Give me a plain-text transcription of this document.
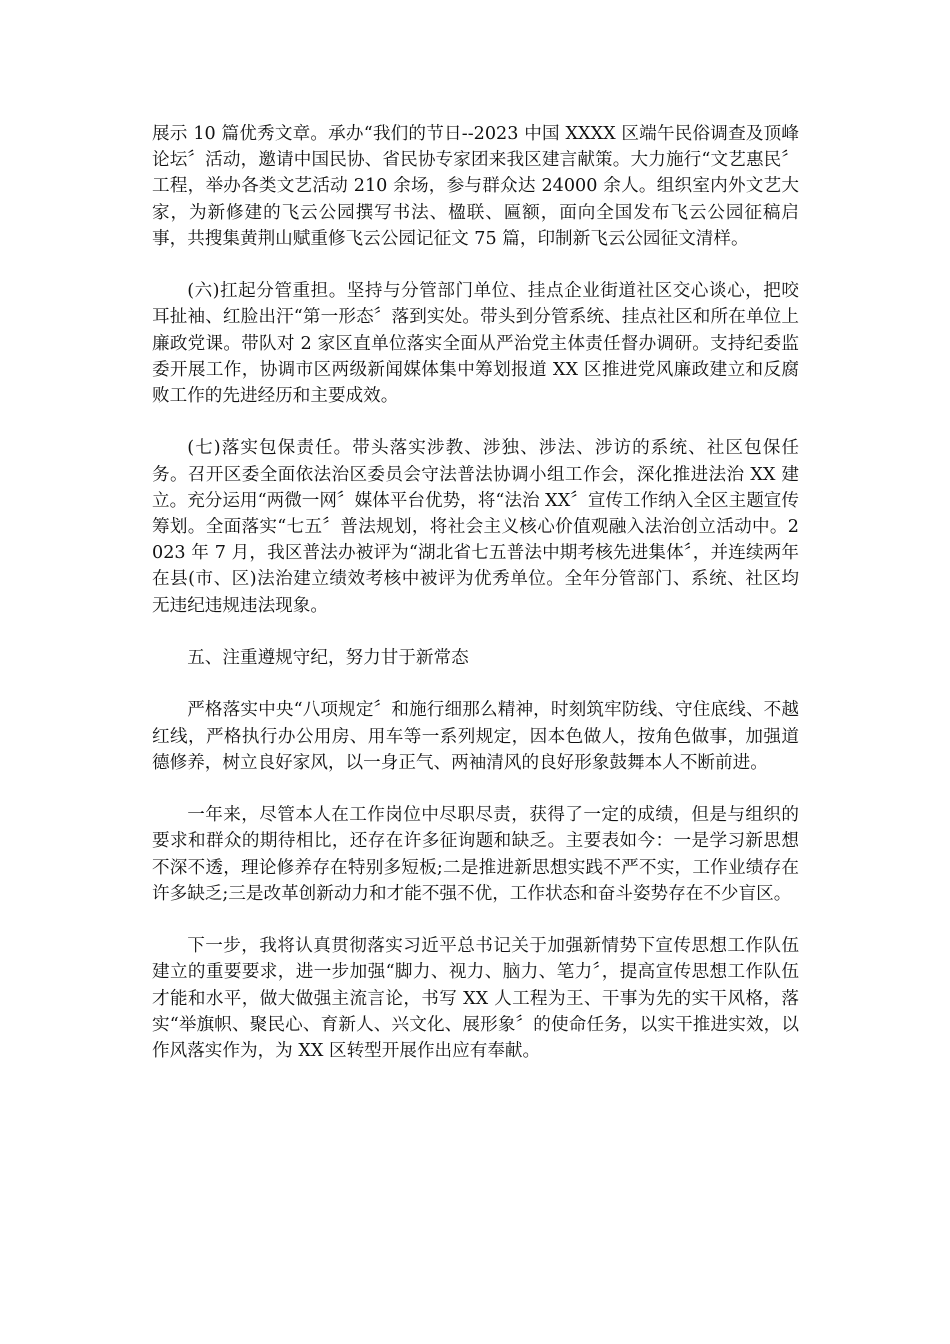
展示 10 篇优秀文章。承办“我们的节日--2023 中国 XXXX 区端午民俗调查及顶峰论坛〞活动，邀请中国民协、省民协专家团来我区建言献策。大力施行“文艺惠民〞工程，举办各类文艺活动 210 余场，参与群众达 24000 余人。组织室内外文艺大家，为新修建的飞云公园撰写书法、楹联、匾额，面向全国发布飞云公园征稿启事，共搜集黄荆山赋重修飞云公园记征文 75 篇，印制新飞云公园征文清样。

(六)扛起分管重担。坚持与分管部门单位、挂点企业街道社区交心谈心，把咬耳扯袖、红脸出汗“第一形态〞落到实处。带头到分管系统、挂点社区和所在单位上廉政党课。带队对 2 家区直单位落实全面从严治党主体责任督办调研。支持纪委监委开展工作，协调市区两级新闻媒体集中筹划报道 XX 区推进党风廉政建立和反腐败工作的先进经历和主要成效。

(七)落实包保责任。带头落实涉教、涉独、涉法、涉访的系统、社区包保任务。召开区委全面依法治区委员会守法普法协调小组工作会，深化推进法治 XX 建立。充分运用“两微一网〞媒体平台优势，将“法治 XX〞宣传工作纳入全区主题宣传筹划。全面落实“七五〞普法规划，将社会主义核心价值观融入法治创立活动中。2023 年 7 月，我区普法办被评为“湖北省七五普法中期考核先进集体〞，并连续两年在县(市、区)法治建立绩效考核中被评为优秀单位。全年分管部门、系统、社区均无违纪违规违法现象。

五、注重遵规守纪，努力甘于新常态

严格落实中央“八项规定〞和施行细那么精神，时刻筑牢防线、守住底线、不越红线，严格执行办公用房、用车等一系列规定，因本色做人，按角色做事，加强道德修养，树立良好家风，以一身正气、两袖清风的良好形象鼓舞本人不断前进。

一年来，尽管本人在工作岗位中尽职尽责，获得了一定的成绩，但是与组织的要求和群众的期待相比，还存在许多征询题和缺乏。主要表如今：一是学习新思想不深不透，理论修养存在特别多短板;二是推进新思想实践不严不实，工作业绩存在许多缺乏;三是改革创新动力和才能不强不优，工作状态和奋斗姿势存在不少盲区。

下一步，我将认真贯彻落实习近平总书记关于加强新情势下宣传思想工作队伍建立的重要要求，进一步加强“脚力、视力、脑力、笔力〞，提高宣传思想工作队伍才能和水平，做大做强主流言论，书写 XX 人工程为王、干事为先的实干风格，落实“举旗帜、聚民心、育新人、兴文化、展形象〞的使命任务，以实干推进实效，以作风落实作为，为 XX 区转型开展作出应有奉献。
